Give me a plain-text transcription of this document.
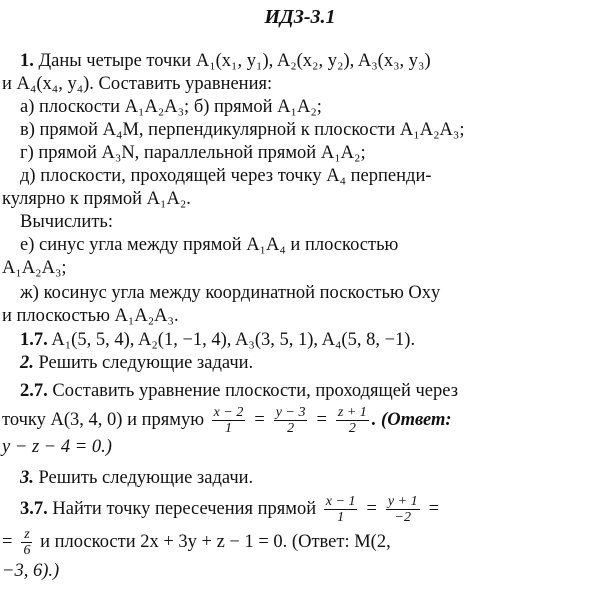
ИДЗ-3.1
1. Даны четыре точки A₁(x₁, y₁), A₂(x₂, y₂), A₃(x₃, y₃)
и A₄(x₄, y₄). Составить уравнения:
а) плоскости A₁A₂A₃; б) прямой A₁A₂;
в) прямой A₄M, перпендикулярной к плоскости A₁A₂A₃;
г) прямой A₃N, параллельной прямой A₁A₂;
д) плоскости, проходящей через точку A₄ перпенди-
кулярно к прямой A₁A₂.
Вычислить:
е) синус угла между прямой A₁A₄ и плоскостью
A₁A₂A₃;
ж) косинус угла между координатной поскостью Oxy
и плоскостью A₁A₂A₃.
1.7. A₁(5, 5, 4), A₂(1, −1, 4), A₃(3, 5, 1), A₄(5, 8, −1).
2. Решить следующие задачи.
2.7. Составить уравнение плоскости, проходящей через
точку A(3, 4, 0) и прямую $\frac{x - 2}{1} = \frac{y - 3}{2} = \frac{z + 1}{2}$ . (Ответ:
y − z − 4 = 0.)
3. Решить следующие задачи.
3.7. Найти точку пересечения прямой $\frac{x - 1}{1} = \frac{y + 1}{-2}$ =
= $\frac{z}{6}$ и плоскости 2x + 3y + z − 1 = 0. (Ответ: M(2,
−3, 6).)
